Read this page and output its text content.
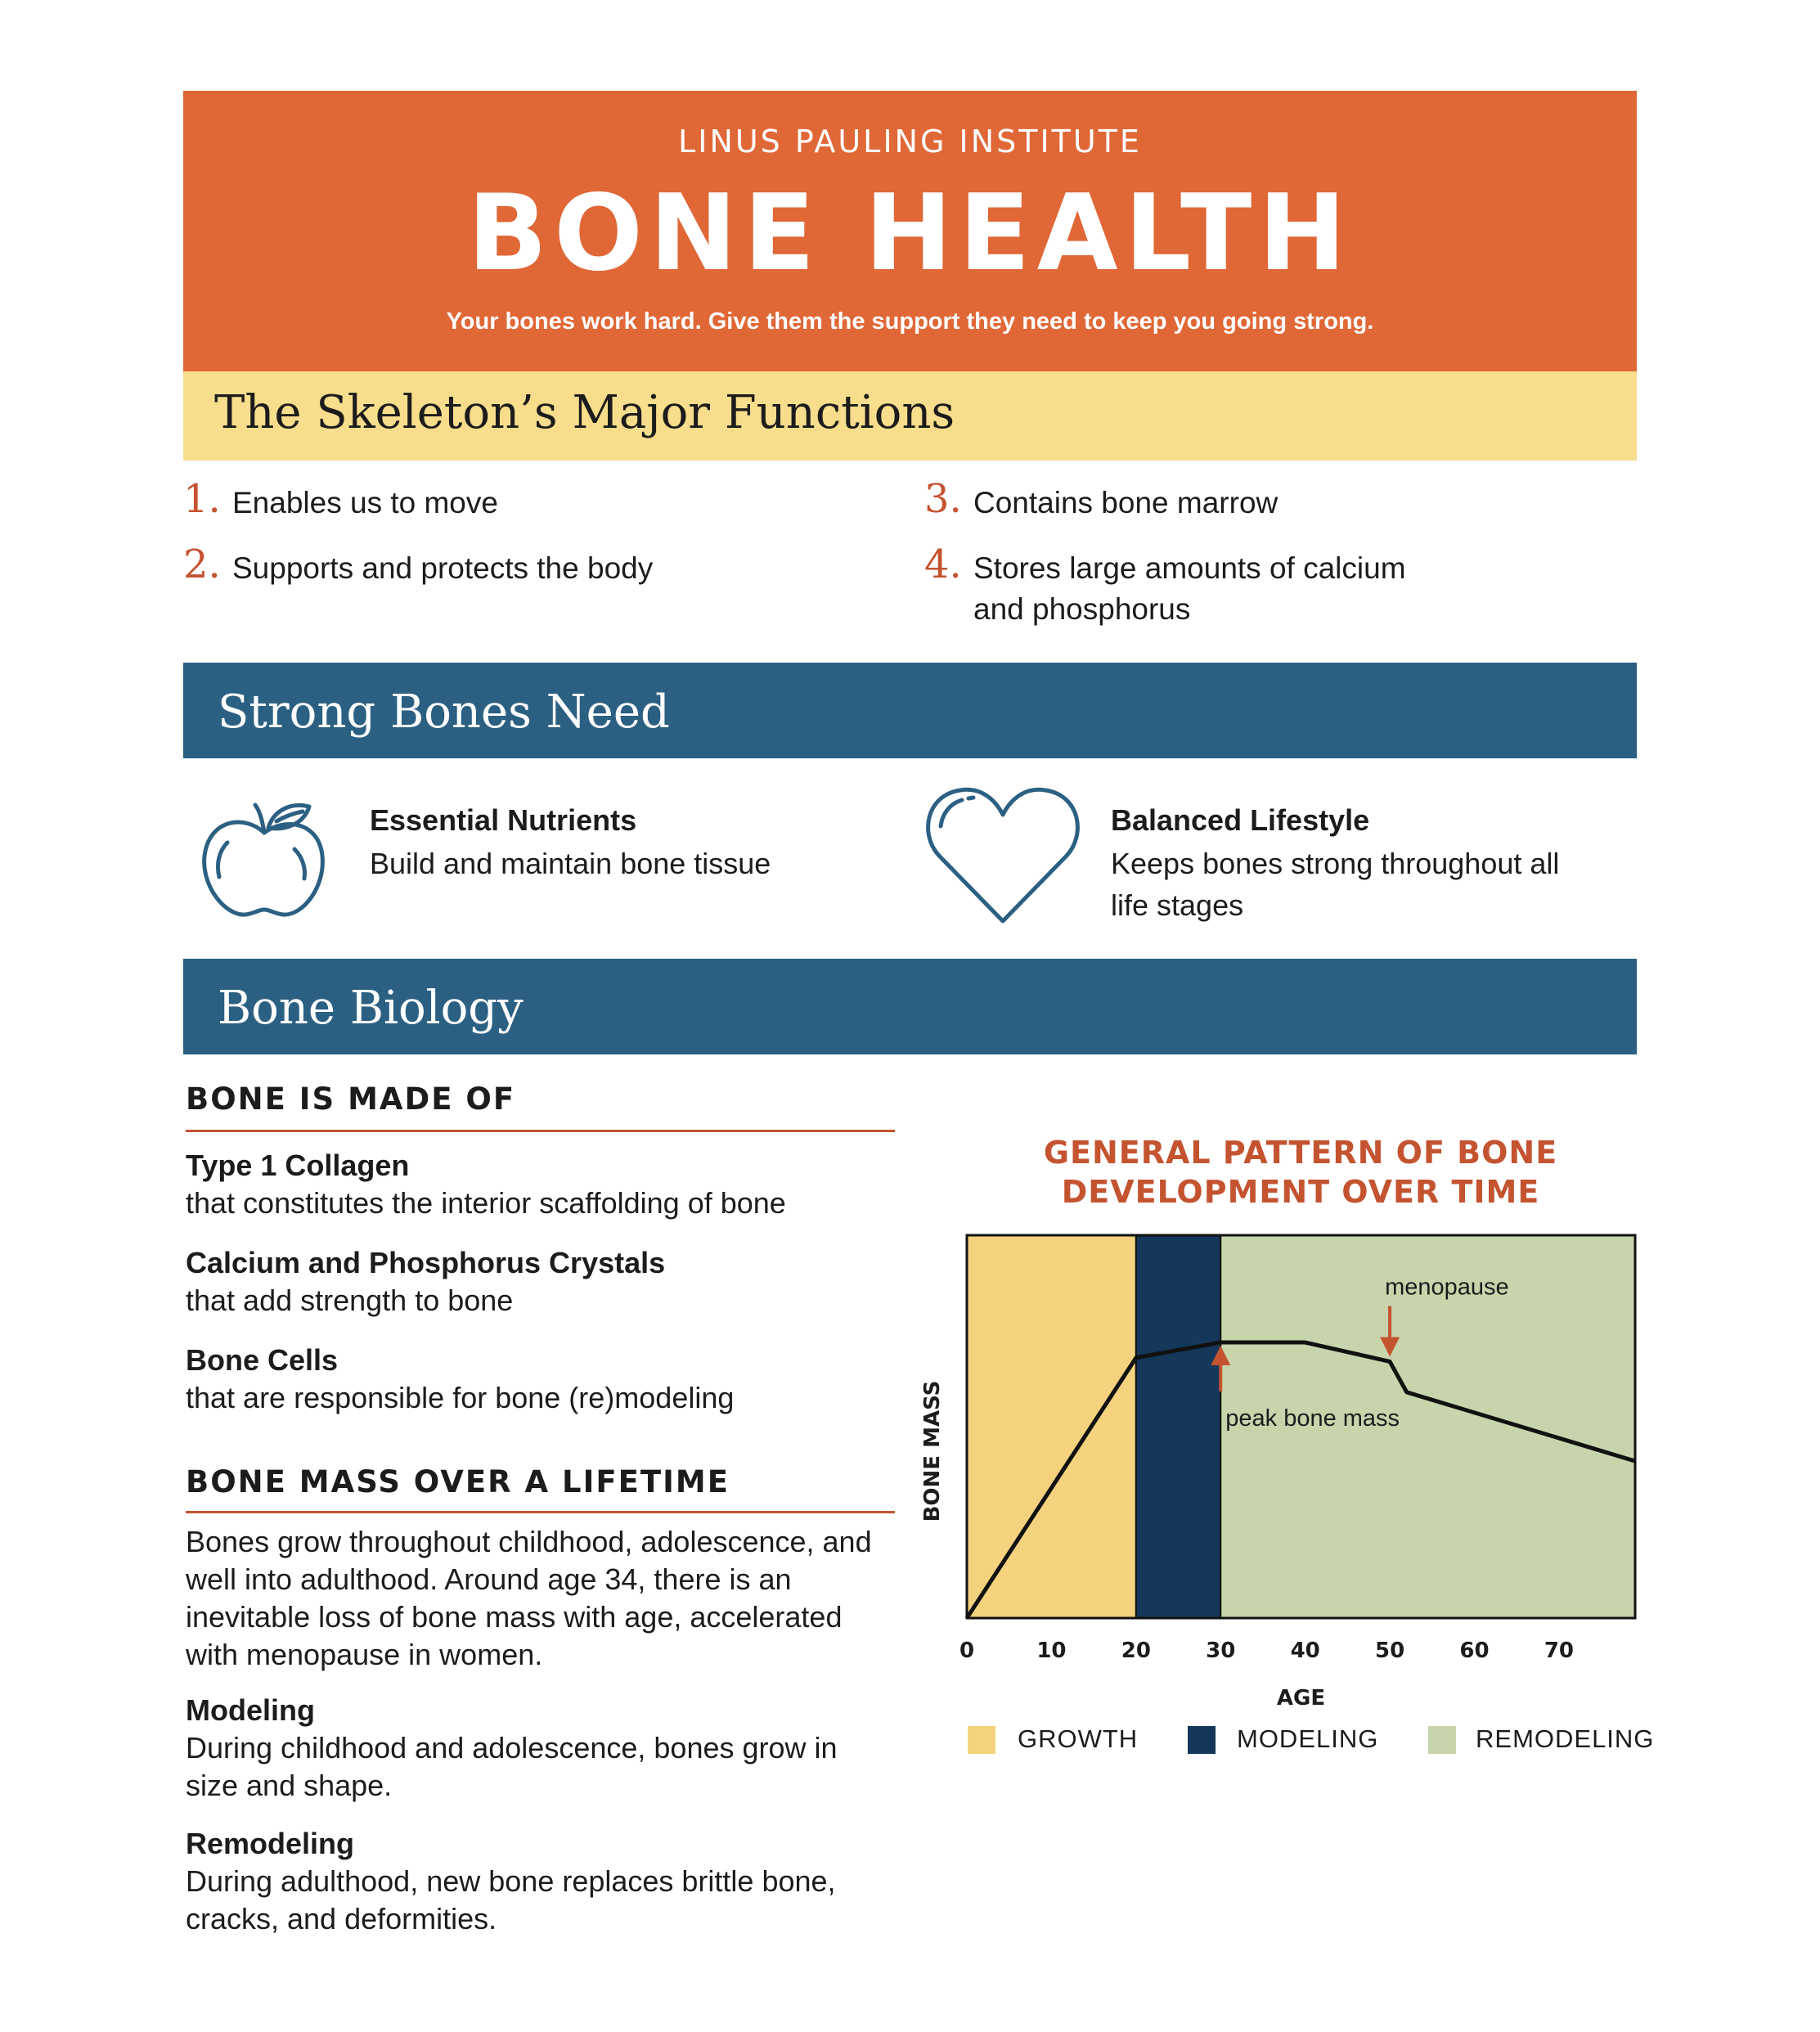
LINUS PAULING INSTITUTE
BONE HEALTH
Your bones work hard. Give them the support they need to keep you going strong.
The Skeleton’s Major Functions
1. Enables us to move
2. Supports and protects the body
3. Contains bone marrow
4. Stores large amounts of calcium and phosphorus
Strong Bones Need
Essential Nutrients
Build and maintain bone tissue
Balanced Lifestyle
Keeps bones strong throughout all life stages
Bone Biology
BONE IS MADE OF
Type 1 Collagen
that constitutes the interior scaffolding of bone
Calcium and Phosphorus Crystals
that add strength to bone
Bone Cells
that are responsible for bone (re)modeling
BONE MASS OVER A LIFETIME
Bones grow throughout childhood, adolescence, and well into adulthood. Around age 34, there is an inevitable loss of bone mass with age, accelerated with menopause in women.
Modeling
During childhood and adolescence, bones grow in size and shape.
Remodeling
During adulthood, new bone replaces brittle bone, cracks, and deformities.
GENERAL PATTERN OF BONE DEVELOPMENT OVER TIME
0	10	20	30	40	50	60	70
peak bone mass
menopause
BONE MASS
AGE
GROWTH	MODELING	REMODELING
